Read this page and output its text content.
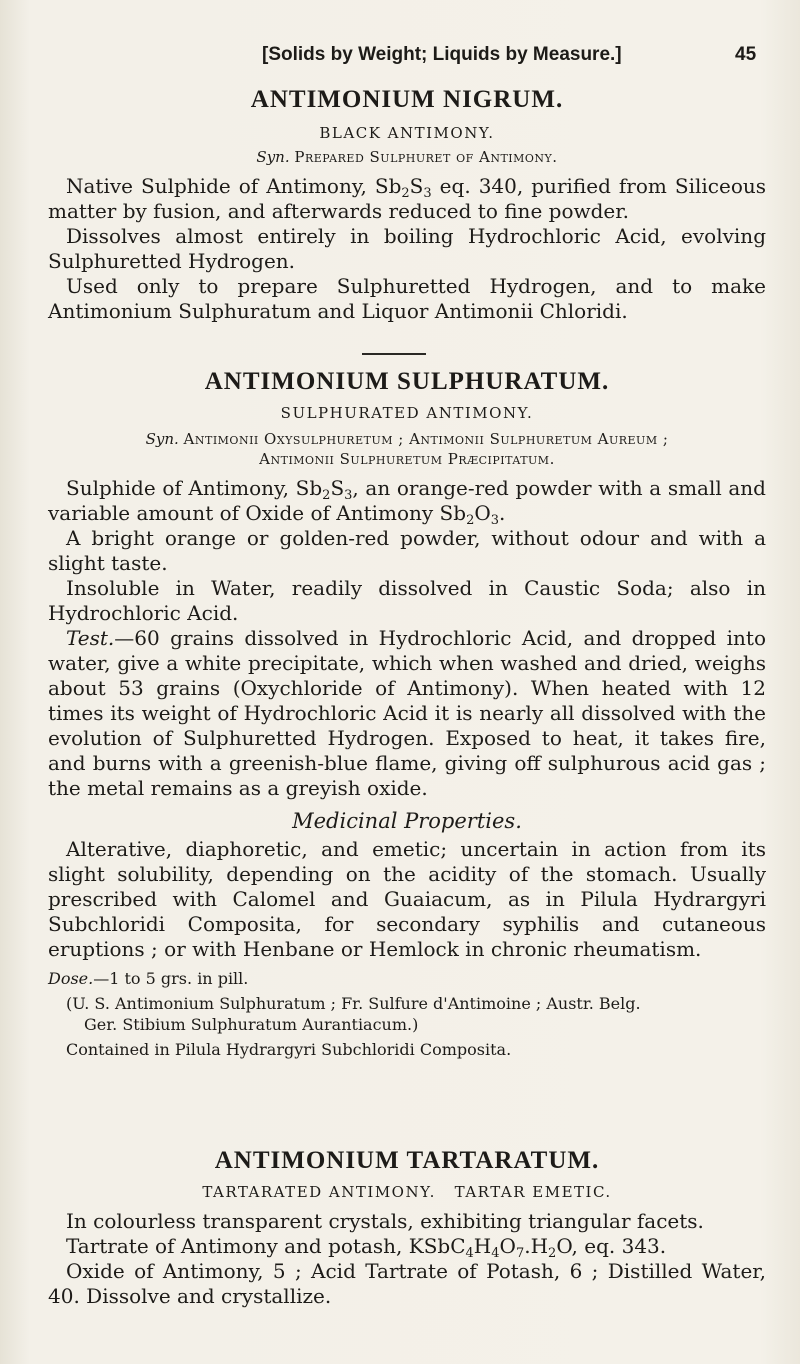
[Solids by Weight; Liquids by Measure.]	45
ANTIMONIUM NIGRUM.

BLACK ANTIMONY.

Syn. Prepared Sulphuret of Antimony.

Native Sulphide of Antimony, $Sb_2S_3$ eq. 340, purified from Siliceous matter by fusion, and afterwards reduced to fine powder.

Dissolves almost entirely in boiling Hydrochloric Acid, evolving Sulphuretted Hydrogen.

Used only to prepare Sulphuretted Hydrogen, and to make Antimonium Sulphuratum and Liquor Antimonii Chloridi.

ANTIMONIUM SULPHURATUM.

SULPHURATED ANTIMONY.

Syn. Antimonii Oxysulphuretum ; Antimonii Sulphuretum Aureum ;

Antimonii Sulphuretum Præcipitatum.

Sulphide of Antimony, $Sb_2S_3$, an orange-red powder with a small and variable amount of Oxide of Antimony $Sb_2O_3$.

A bright orange or golden-red powder, without odour and with a slight taste.

Insoluble in Water, readily dissolved in Caustic Soda; also in Hydrochloric Acid.

Test.—60 grains dissolved in Hydrochloric Acid, and dropped into water, give a white precipitate, which when washed and dried, weighs about 53 grains (Oxychloride of Antimony). When heated with 12 times its weight of Hydrochloric Acid it is nearly all dissolved with the evolution of Sulphuretted Hydrogen. Exposed to heat, it takes fire, and burns with a greenish-blue flame, giving off sulphurous acid gas ; the metal remains as a greyish oxide.

Medicinal Properties.

Alterative, diaphoretic, and emetic; uncertain in action from its slight solubility, depending on the acidity of the stomach. Usually prescribed with Calomel and Guaiacum, as in Pilula Hydrargyri Subchloridi Composita, for secondary syphilis and cutaneous eruptions ; or with Henbane or Hemlock in chronic rheumatism.

Dose.—1 to 5 grs. in pill.

(U. S. Antimonium Sulphuratum ; Fr. Sulfure d'Antimoine ; Austr. Belg.

Ger. Stibium Sulphuratum Aurantiacum.)

Contained in Pilula Hydrargyri Subchloridi Composita.

ANTIMONIUM TARTARATUM.

TARTARATED ANTIMONY.   TARTAR EMETIC.

In colourless transparent crystals, exhibiting triangular facets.

Tartrate of Antimony and potash, $KSbC_4H_4O_7.H_2O$, eq. 343.

Oxide of Antimony, 5 ; Acid Tartrate of Potash, 6 ; Distilled Water, 40. Dissolve and crystallize.
